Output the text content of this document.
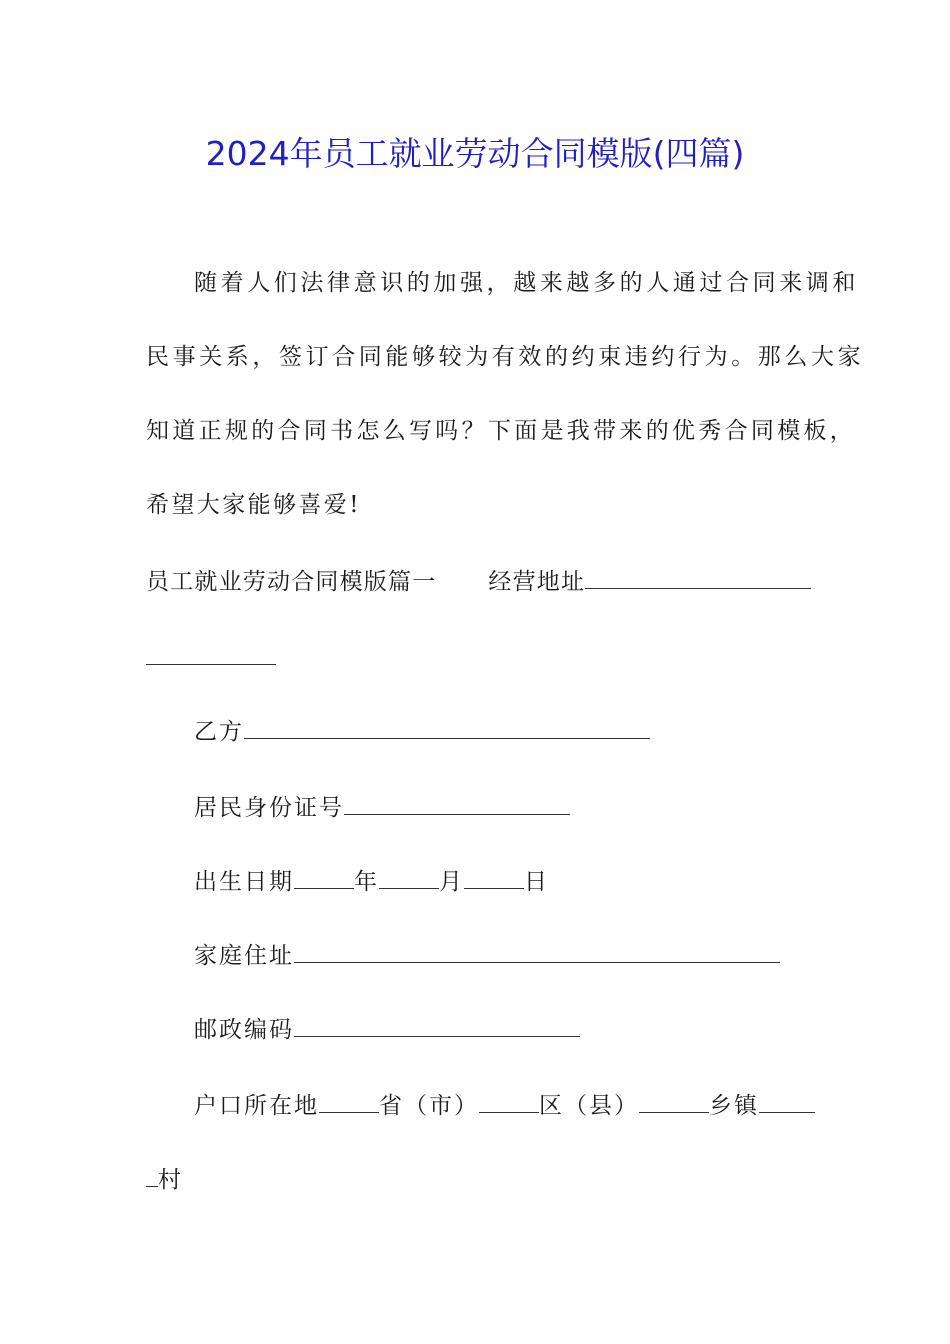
2024年员工就业劳动合同模版(四篇)
随着人们法律意识的加强，越来越多的人通过合同来调和
民事关系，签订合同能够较为有效的约束违约行为。那么大家
知道正规的合同书怎么写吗？下面是我带来的优秀合同模板，
希望大家能够喜爱!
员工就业劳动合同模版篇一 经营地址
乙方
居民身份证号
出生日期	年	月	日
家庭住址
邮政编码
户口所在地	省（市）	区（县）	乡镇
村
